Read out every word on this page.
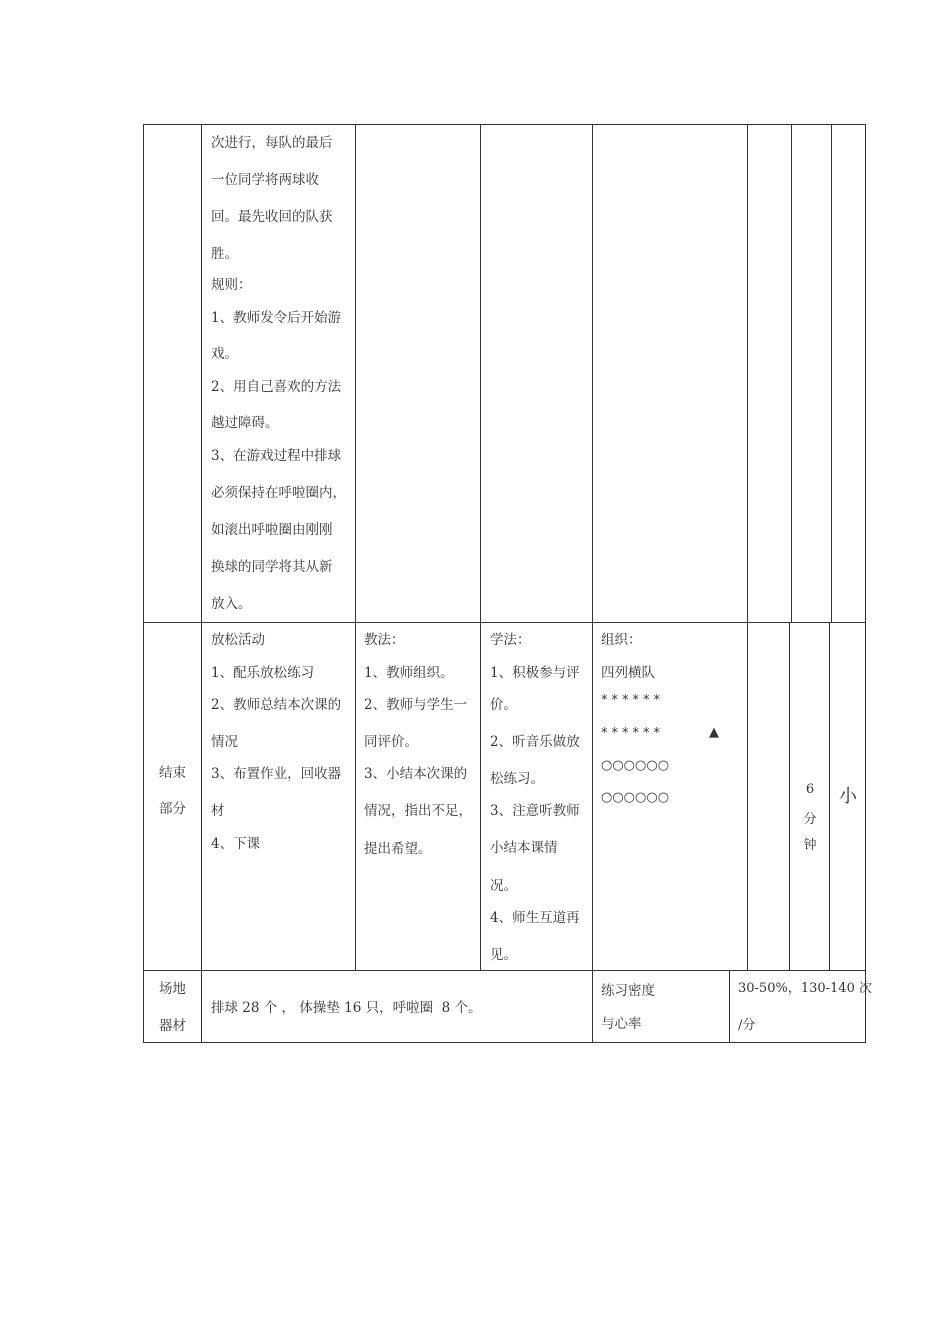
次进行，每队的最后
一位同学将两球收
回。最先收回的队获
胜。
规则：
1、教师发令后开始游
戏。
2、用自己喜欢的方法
越过障碍。
3、在游戏过程中排球
必须保持在呼啦圈内，
如滚出呼啦圈由刚刚
换球的同学将其从新
放入。
结束
部分
放松活动
1、配乐放松练习
2、教师总结本次课的
情况
3、布置作业，回收器
材
4、下课
教法：
1、教师组织。
2、教师与学生一
同评价。
3、小结本次课的
情况，指出不足，
提出希望。
学法：
1、积极参与评
价。
2、听音乐做放
松练习。
3、注意听教师
小结本课情
况。
4、师生互道再
见。
组织：
四列横队
******
******	▲
○○○○○○
○○○○○○
6
分
钟
小
场地
器材
排球 28 个 ， 体操垫 16 只，呼啦圈  8 个。
练习密度
与心率
30-50%，130-140 次
/分
